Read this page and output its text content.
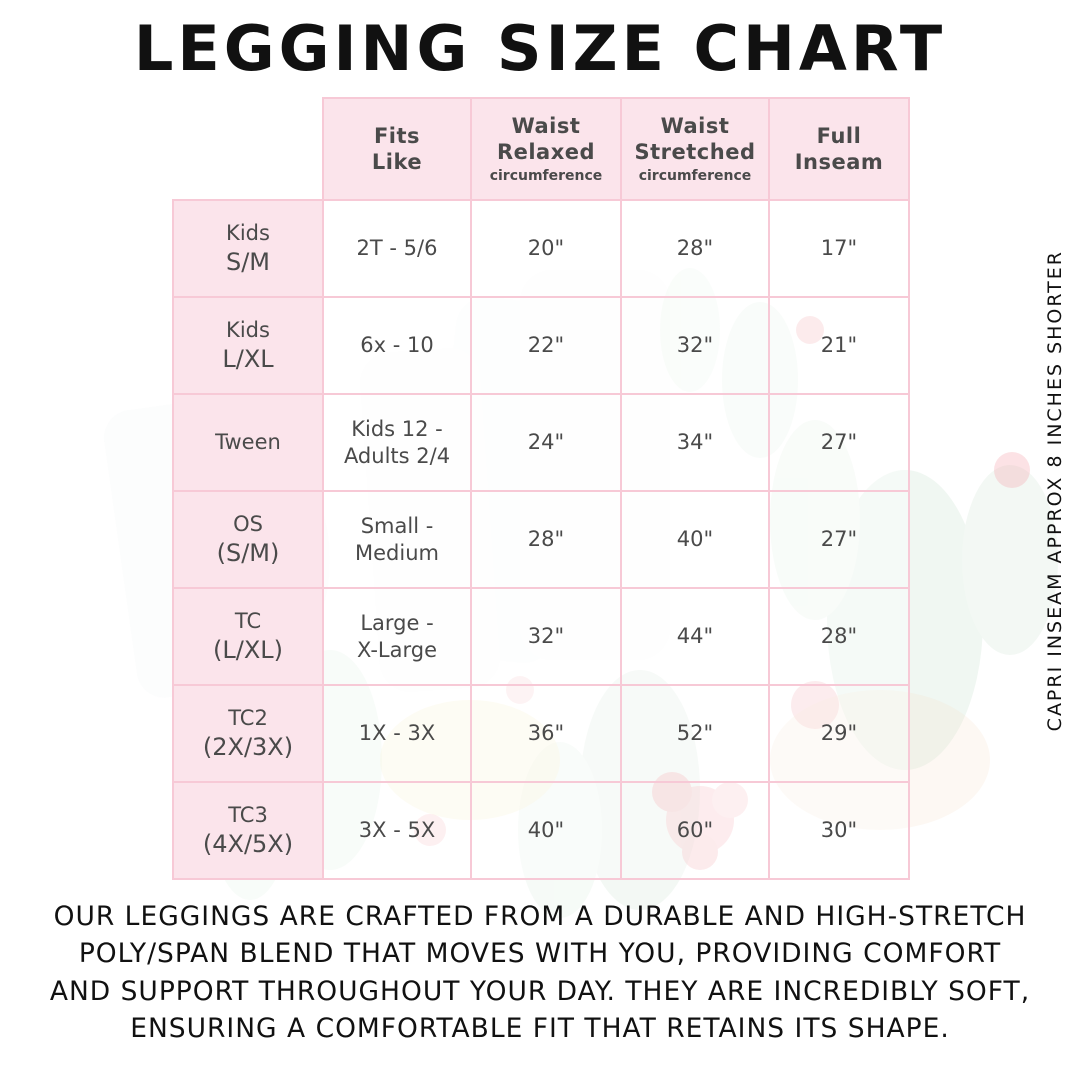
LEGGING SIZE CHART
	Fits
Like	Waist
Relaxed
circumference	Waist
Stretched
circumference	Full
Inseam
Kids
S/M	2T - 5/6	20"	28"	17"
Kids
L/XL	6x - 10	22"	32"	21"
Tween	Kids 12 -
Adults 2/4	24"	34"	27"
OS
(S/M)	Small -
Medium	28"	40"	27"
TC
(L/XL)	Large -
X-Large	32"	44"	28"
TC2
(2X/3X)	1X - 3X	36"	52"	29"
TC3
(4X/5X)	3X - 5X	40"	60"	30"
CAPRI INSEAM APPROX 8 INCHES SHORTER
OUR LEGGINGS ARE CRAFTED FROM A DURABLE AND HIGH-STRETCH
POLY/SPAN BLEND THAT MOVES WITH YOU, PROVIDING COMFORT
AND SUPPORT THROUGHOUT YOUR DAY. THEY ARE INCREDIBLY SOFT,
ENSURING A COMFORTABLE FIT THAT RETAINS ITS SHAPE.
